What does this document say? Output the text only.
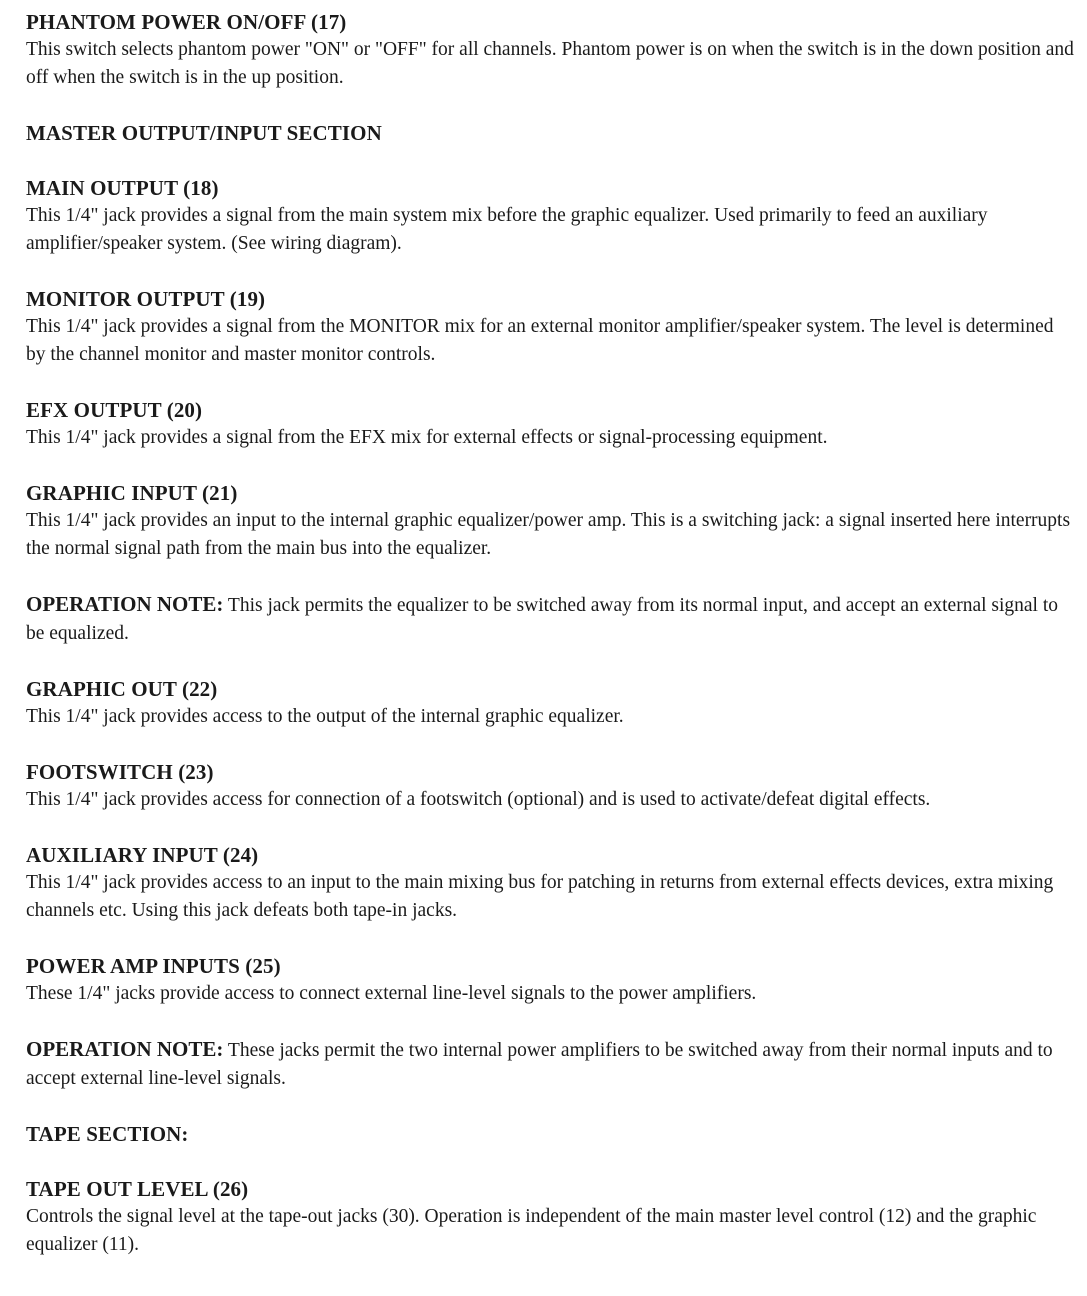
PHANTOM POWER ON/OFF (17)

This switch selects phantom power "ON" or "OFF" for all channels. Phantom power is on when the switch is in the down position and off when the switch is in the up position.

MASTER OUTPUT/INPUT SECTION

MAIN OUTPUT (18)

This 1/4" jack provides a signal from the main system mix before the graphic equalizer. Used primarily to feed an auxiliary amplifier/speaker system. (See wiring diagram).

MONITOR OUTPUT (19)

This 1/4" jack provides a signal from the MONITOR mix for an external monitor amplifier/speaker system. The level is determined by the channel monitor and master monitor controls.

EFX OUTPUT (20)

This 1/4" jack provides a signal from the EFX mix for external effects or signal-processing equipment.

GRAPHIC INPUT (21)

This 1/4" jack provides an input to the internal graphic equalizer/power amp. This is a switching jack: a signal inserted here interrupts the normal signal path from the main bus into the equalizer.

OPERATION NOTE: This jack permits the equalizer to be switched away from its normal input, and accept an external signal to be equalized.

GRAPHIC OUT (22)

This 1/4" jack provides access to the output of the internal graphic equalizer.

FOOTSWITCH (23)

This 1/4" jack provides access for connection of a footswitch (optional) and is used to activate/defeat digital effects.

AUXILIARY INPUT (24)

This 1/4" jack provides access to an input to the main mixing bus for patching in returns from external effects devices, extra mixing channels etc. Using this jack defeats both tape-in jacks.

POWER AMP INPUTS (25)

These 1/4" jacks provide access to connect external line-level signals to the power amplifiers.

OPERATION NOTE: These jacks permit the two internal power amplifiers to be switched away from their normal inputs and to accept external line-level signals.

TAPE SECTION:

TAPE OUT LEVEL (26)

Controls the signal level at the tape-out jacks (30). Operation is independent of the main master level control (12) and the graphic equalizer (11).
